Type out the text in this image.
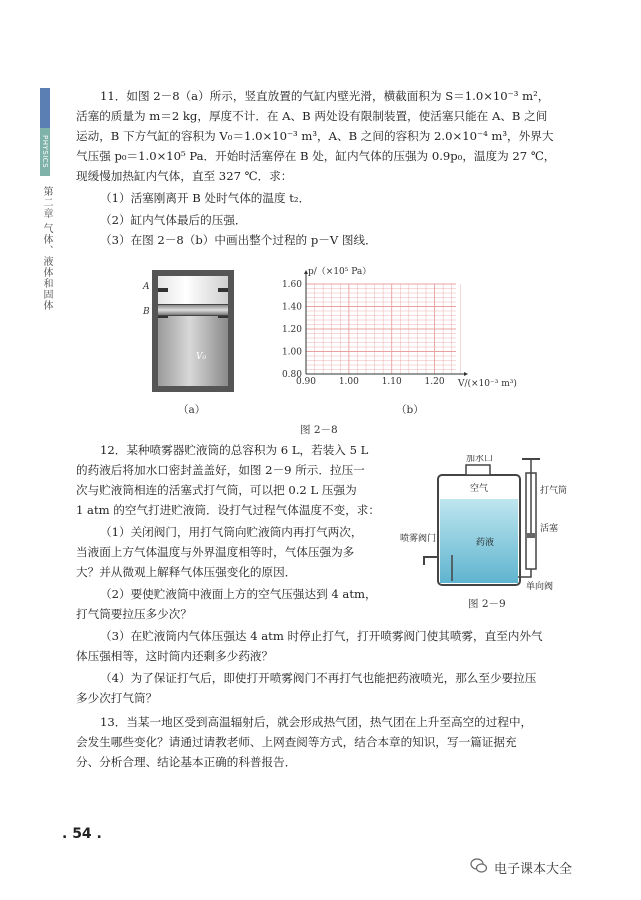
PHYSICS
第二章 气体、液体和固体

11．如图 2－8（a）所示，竖直放置的气缸内壁光滑，横截面积为 S＝1.0×10⁻³ m²，

活塞的质量为 m＝2 kg，厚度不计．在 A、B 两处设有限制装置，使活塞只能在 A、B 之间

运动，B 下方气缸的容积为 V₀＝1.0×10⁻³ m³，A、B 之间的容积为 2.0×10⁻⁴ m³，外界大

气压强 p₀＝1.0×10⁵ Pa．开始时活塞停在 B 处，缸内气体的压强为 0.9p₀，温度为 27 ℃，

现缓慢加热缸内气体，直至 327 ℃．求：

（1）活塞刚离开 B 处时气体的温度 t₂．

（2）缸内气体最后的压强．

（3）在图 2－8（b）中画出整个过程的 p－V 图线．

A
B
V₀
（a）
1.60
1.40
1.20
1.00
0.80
0.90	1.00	1.10	1.20
p/（×10⁵ Pa）
V/(×10⁻³ m³)
（b）
图 2－8

12．某种喷雾器贮液筒的总容积为 6 L，若装入 5 L

的药液后将加水口密封盖盖好，如图 2－9 所示．拉压一

次与贮液筒相连的活塞式打气筒，可以把 0.2 L 压强为

1 atm 的空气打进贮液筒．设打气过程气体温度不变，求：

（1）关闭阀门，用打气筒向贮液筒内再打气两次，

当液面上方气体温度与外界温度相等时，气体压强为多

大？并从微观上解释气体压强变化的原因．

（2）要使贮液筒中液面上方的空气压强达到 4 atm，

打气筒要拉压多少次？

（3）在贮液筒内气体压强达 4 atm 时停止打气，打开喷雾阀门使其喷雾，直至内外气

体压强相等，这时筒内还剩多少药液？

（4）为了保证打气后，即使打开喷雾阀门不再打气也能把药液喷光，那么至少要拉压

多少次打气筒？

加水口
空气	打气筒
活塞
药液
喷雾阀门
单向阀
图 2－9

13．当某一地区受到高温辐射后，就会形成热气团，热气团在上升至高空的过程中，

会发生哪些变化？请通过请教老师、上网查阅等方式，结合本章的知识，写一篇证据充

分、分析合理、结论基本正确的科普报告．

. 54 .
电子课本大全
